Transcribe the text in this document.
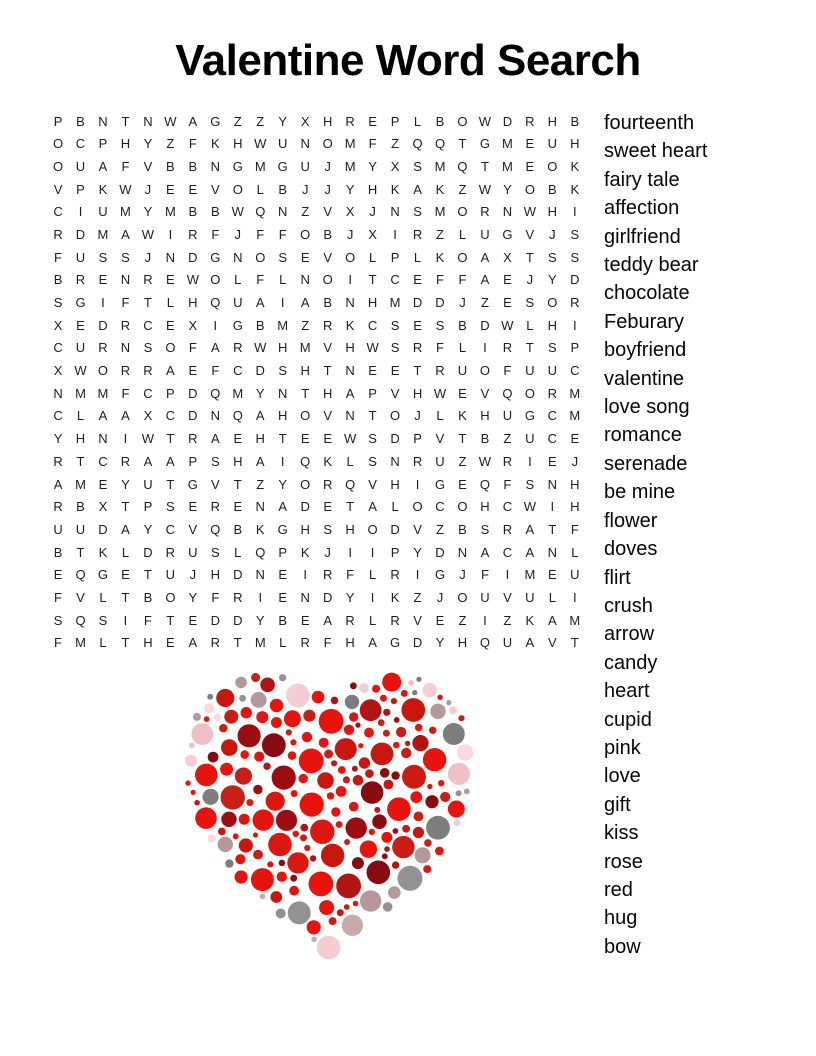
Valentine Word Search
P	B	N	T	N W A	G	Z	Z	Y	X	H	R	E	P	L	B	O W D	R	H	B
O C	P	H	Y	Z	F	K	H W U	N O M	F	Z	Q Q	T	G M E	U	H
O U	A	F	V	B	B	N G M G U	J	M Y	X	S M Q	T	M E	O	K
V	P	K W	J	E	E	V	O	L	B	J	J	Y	H	K	A	K	Z W Y	O	B	K
C	I	U M Y M B	B W Q N	Z	V	X	J	N	S M O R	N W H	I
R	D M A W	I	R	F	J	F	F	O	B	J	X	I	R	Z	L	U G	V	J	S
F	U	S	S	J	N	D G N O	S	E	V	O	L	P	L	K	O	A	X	T	S	S
B	R	E	N	R	E W O	L	F	L	N O	I	T	C	E	F	F	A	E	J	Y	D
S	G	I	F	T	L	H Q U	A	I	A	B	N	H M D	D	J	Z	E	S	O R
X	E	D	R	C	E	X	I	G	B M	Z	R	K	C	S	E	S	B	D W L	H	I
C	U	R	N	S	O	F	A	R W H M V	H W S	R	F	L	I	R	T	S	P
X W O R	R	A	E	F	C	D	S	H	T	N	E	E	T	R	U O	F	U	U	C
N M M	F	C	P	D Q M Y	N	T	H	A	P	V	H W E	V	Q O R M
C	L	A	A	X	C	D	N Q	A	H O	V	N	T	O	J	L	K	H	U G C M
Y	H	N	I	W T	R	A	E	H	T	E	E W S	D	P	V	T	B	Z	U	C	E
R	T	C	R	A	A	P	S	H	A	I	Q	K	L	S	N	R	U	Z W R	I	E	J
A M E	Y	U	T	G	V	T	Z	Y	O R Q	V	H	I	G	E	Q	F	S	N	H
R	B	X	T	P	S	E	R	E	N	A	D	E	T	A	L	O C O H	C W	I	H
U	U	D	A	Y	C	V	Q	B	K	G H	S	H O D	V	Z	B	S	R	A	T	F
B	T	K	L	D	R	U	S	L	Q	P	K	J	I	I	P	Y	D	N	A	C	A	N	L
E	Q G	E	T	U	J	H	D	N	E	I	R	F	L	R	I	G	J	F	I	M E	U
F	V	L	T	B	O	Y	F	R	I	E	N	D	Y	I	K	Z	J	O U	V	U	L	I
S	Q	S	I	F	T	E	D	D	Y	B	E	A	R	L	R	V	E	Z	I	Z	K	A M
F	M	L	T	H	E	A	R	T	M	L	R	F	H	A	G D	Y	H Q U	A	V	T
fourteenth
sweet heart
fairy tale
affection
girlfriend
teddy bear
chocolate
Feburary
boyfriend
valentine
love song
romance
serenade
be mine
flower
doves
flirt
crush
arrow
candy
heart
cupid
pink
love
gift
kiss
rose
red
hug
bow
